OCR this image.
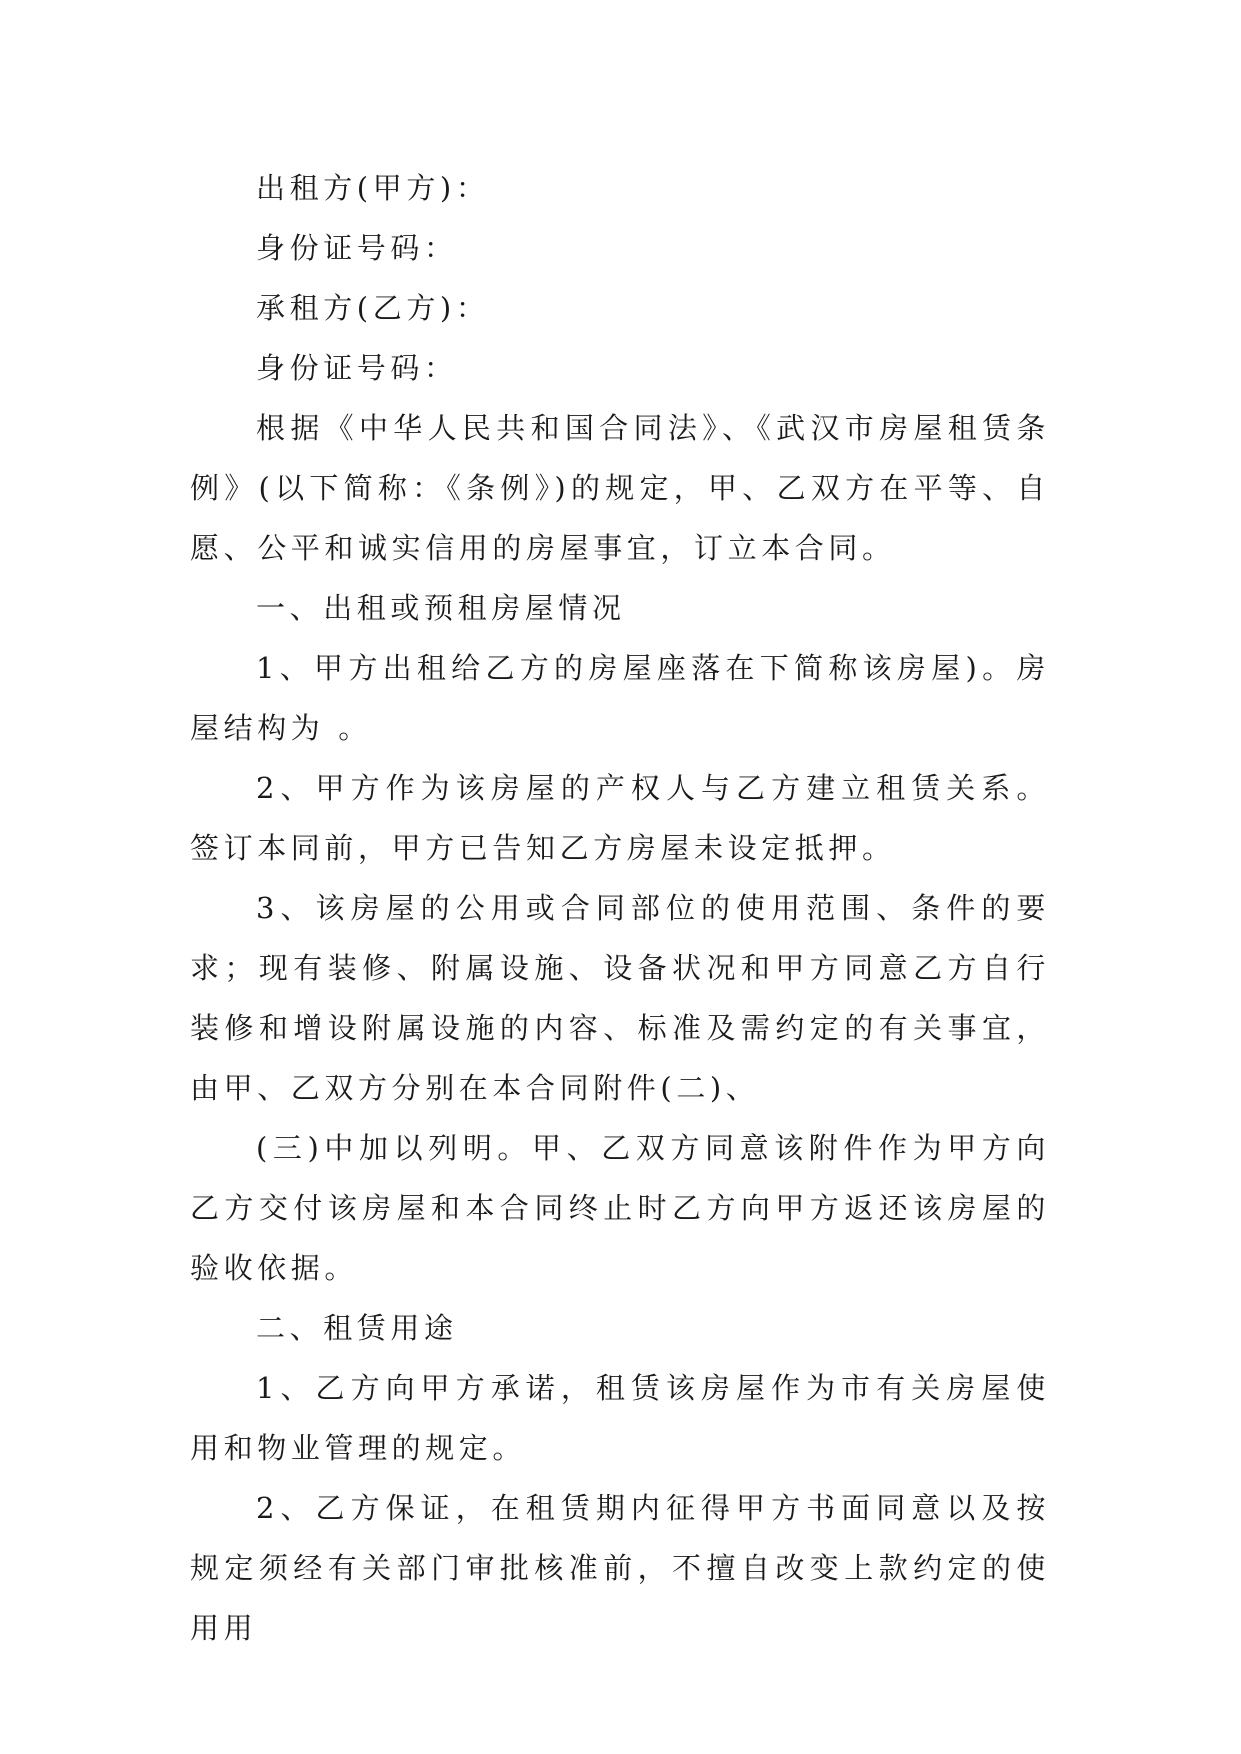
出租方(甲方)：

身份证号码：

承租方(乙方)：

身份证号码：

根据《中华人民共和国合同法》、《武汉市房屋租赁条例》(以下简称：《条例》)的规定，甲、乙双方在平等、自愿、公平和诚实信用的房屋事宜，订立本合同。

一、出租或预租房屋情况

1、甲方出租给乙方的房屋座落在下简称该房屋)。房屋结构为 。

2、甲方作为该房屋的产权人与乙方建立租赁关系。签订本同前，甲方已告知乙方房屋未设定抵押。

3、该房屋的公用或合同部位的使用范围、条件的要求；现有装修、附属设施、设备状况和甲方同意乙方自行装修和增设附属设施的内容、标准及需约定的有关事宜，由甲、乙双方分别在本合同附件(二)、

(三)中加以列明。甲、乙双方同意该附件作为甲方向乙方交付该房屋和本合同终止时乙方向甲方返还该房屋的验收依据。

二、租赁用途

1、乙方向甲方承诺，租赁该房屋作为市有关房屋使用和物业管理的规定。

2、乙方保证，在租赁期内征得甲方书面同意以及按规定须经有关部门审批核准前，不擅自改变上款约定的使用用
